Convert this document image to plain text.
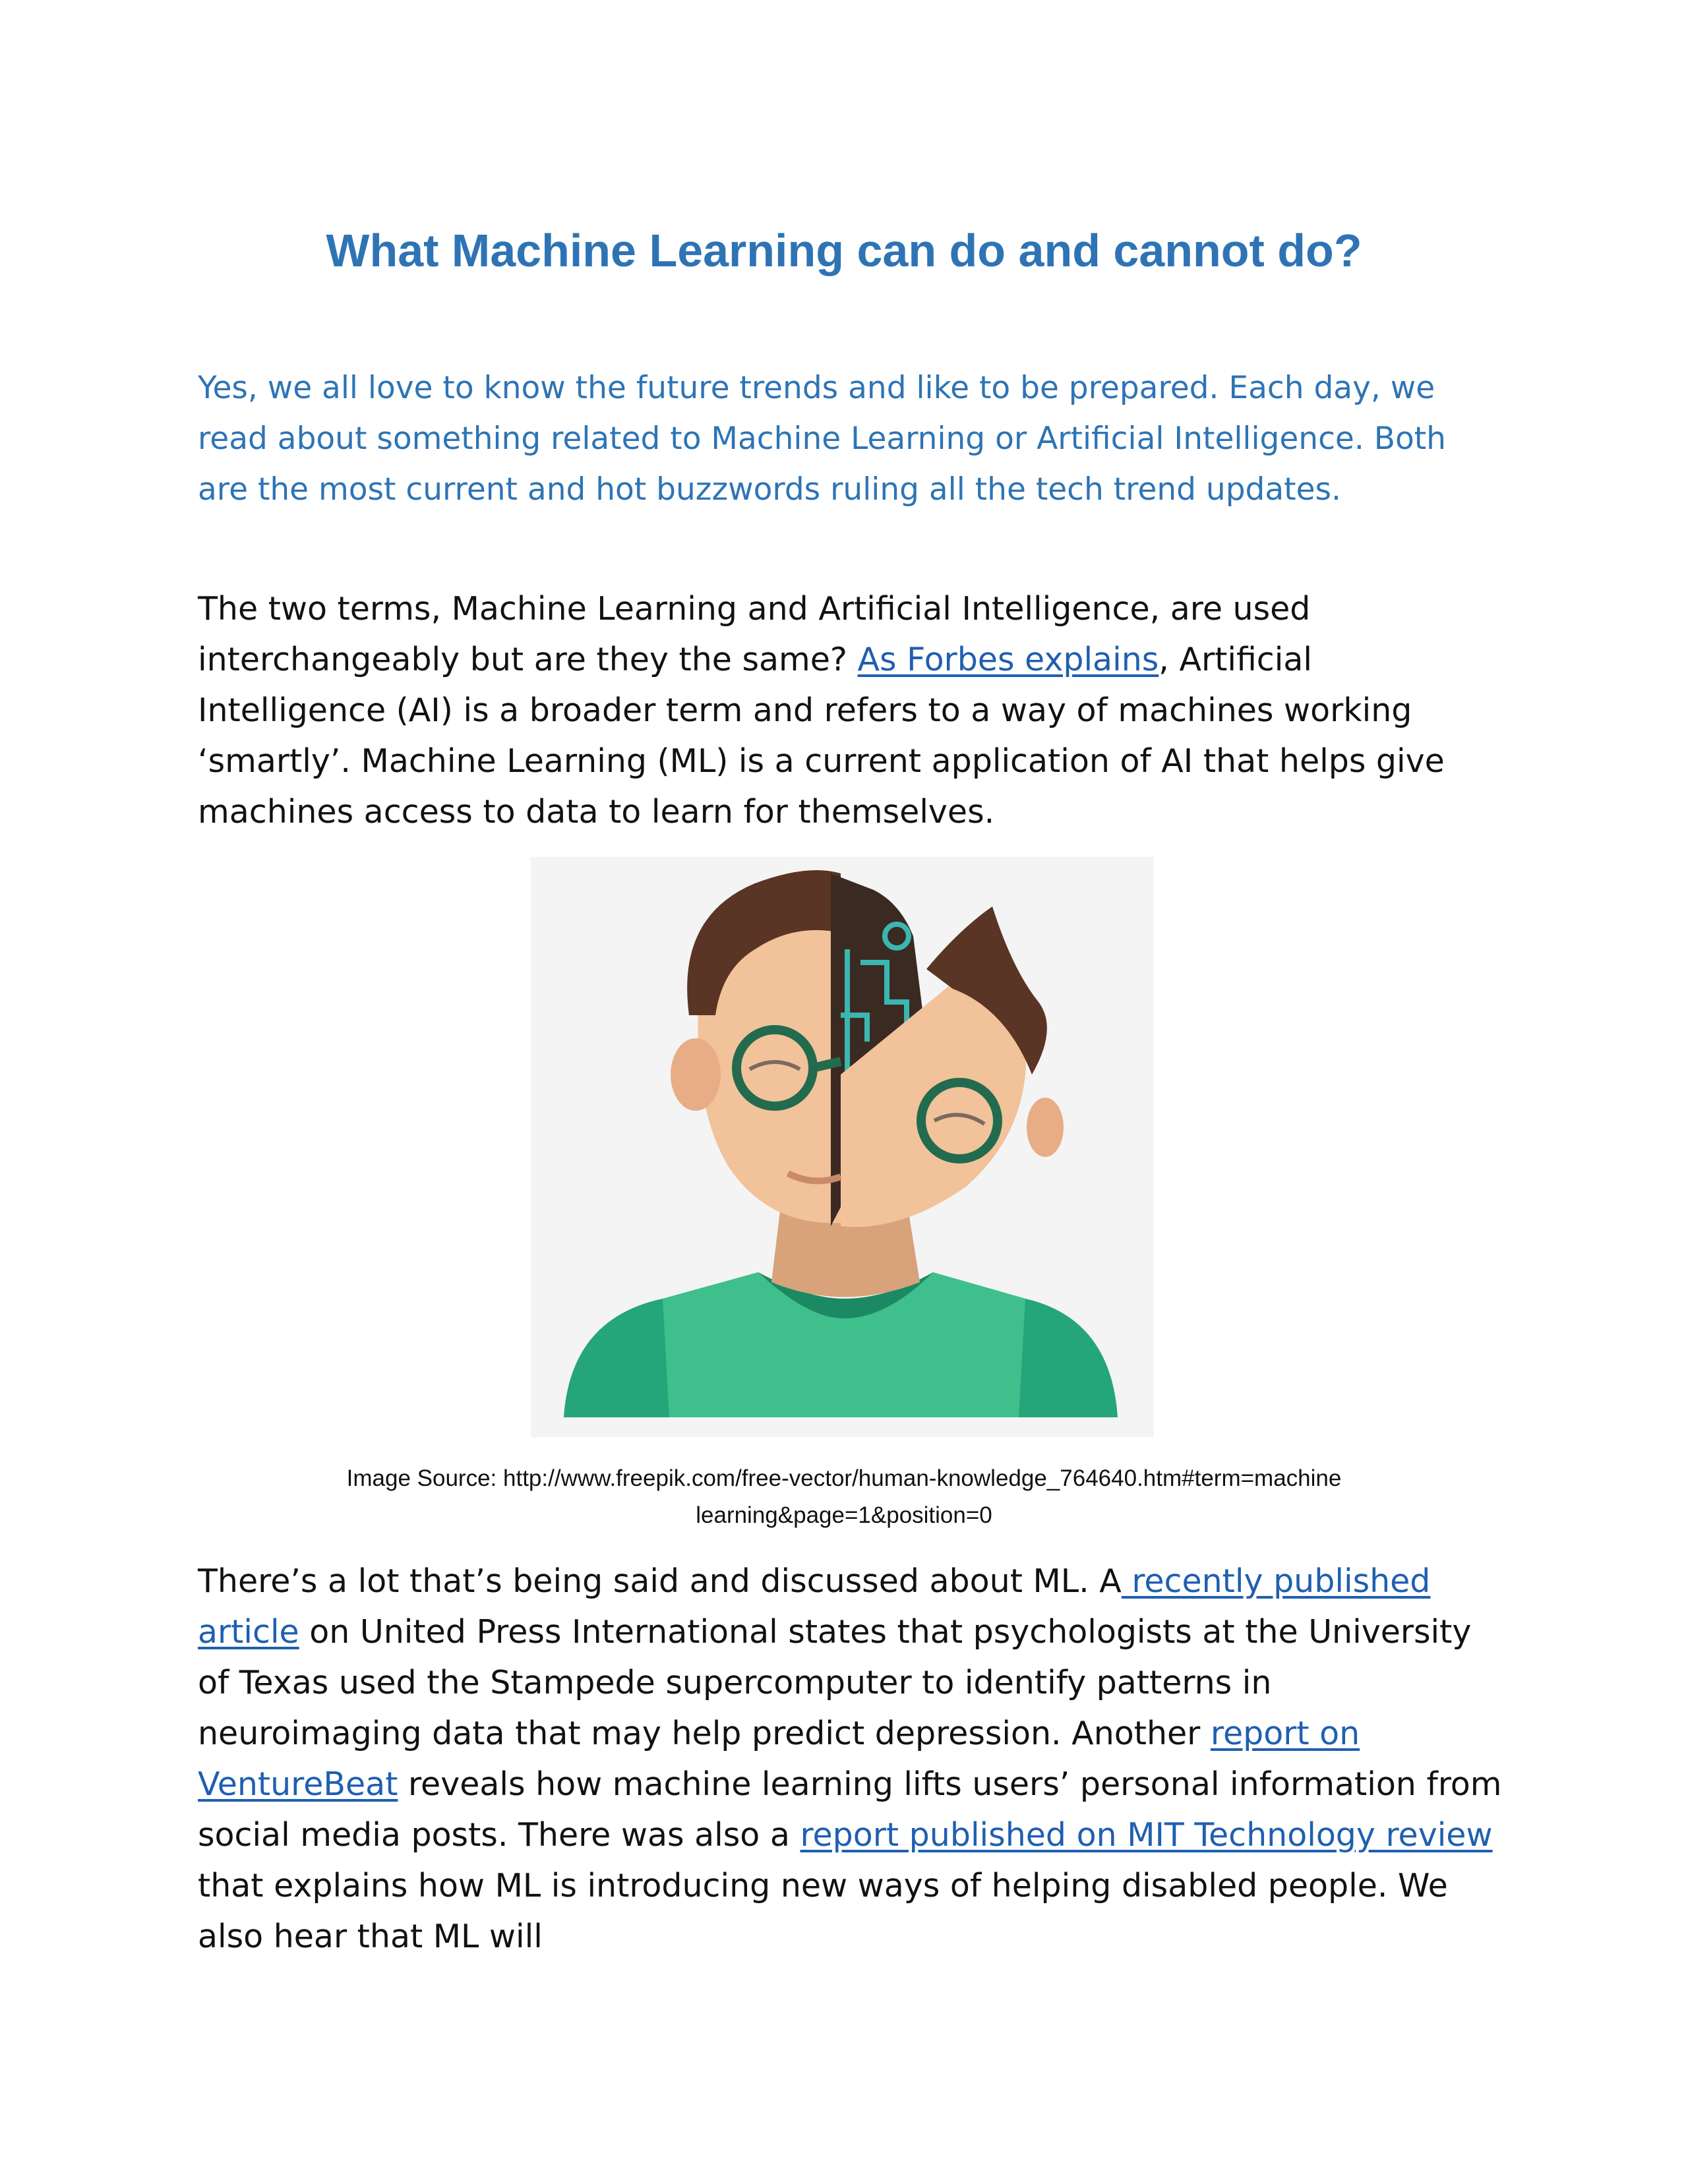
What Machine Learning can do and cannot do?

Yes, we all love to know the future trends and like to be prepared. Each day, we read about something related to Machine Learning or Artificial Intelligence. Both are the most current and hot buzzwords ruling all the tech trend updates.

The two terms, Machine Learning and Artificial Intelligence, are used interchangeably but are they the same? As Forbes explains, Artificial Intelligence (AI) is a broader term and refers to a way of machines working ‘smartly’. Machine Learning (ML) is a current application of AI that helps give machines access to data to learn for themselves.

Image Source: http://www.freepik.com/free-vector/human-knowledge_764640.htm#term=machine
learning&page=1&position=0

There’s a lot that’s being said and discussed about ML. A recently published article on United Press International states that psychologists at the University of Texas used the Stampede supercomputer to identify patterns in neuroimaging data that may help predict depression. Another report on VentureBeat reveals how machine learning lifts users’ personal information from social media posts. There was also a report published on MIT Technology review that explains how ML is introducing new ways of helping disabled people. We also hear that ML will
